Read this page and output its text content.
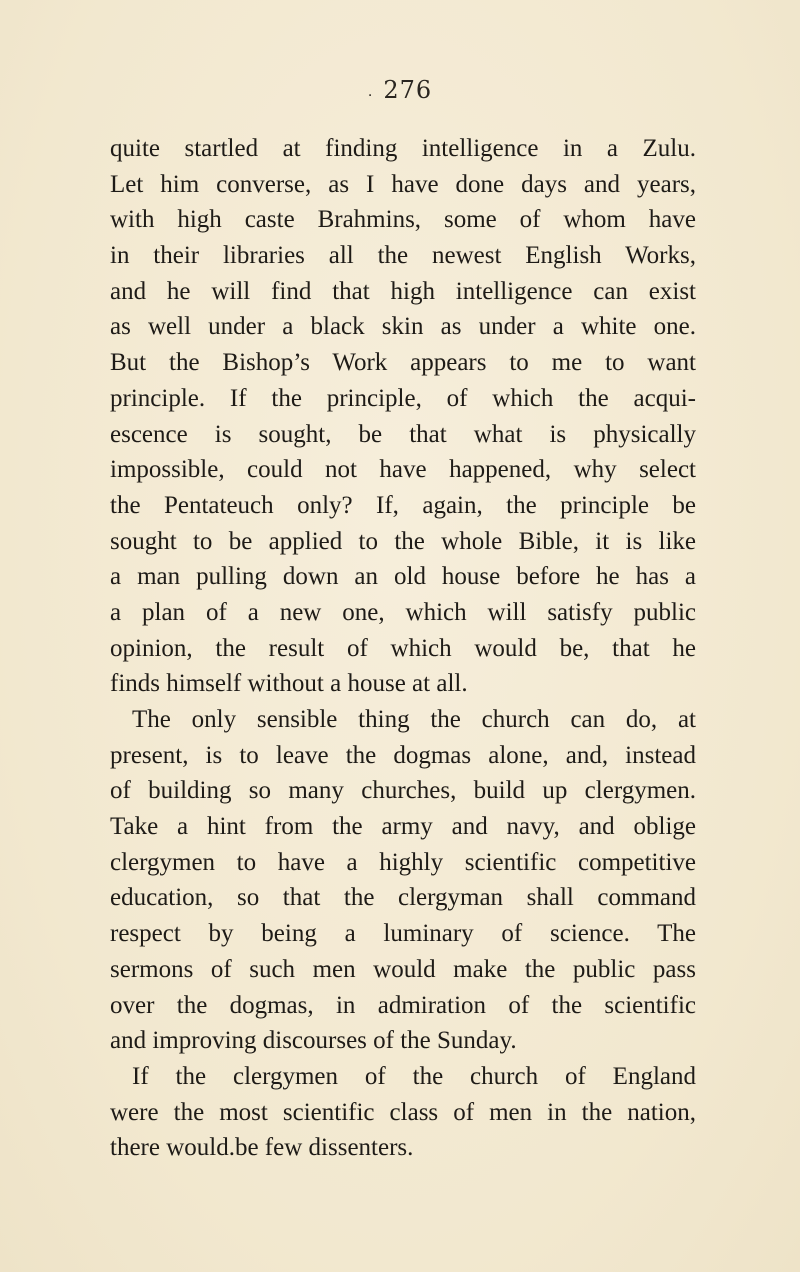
. 276
quite startled at finding intelligence in a Zulu.
Let him converse, as I have done days and years,
with high caste Brahmins, some of whom have
in their libraries all the newest English Works,
and he will find that high intelligence can exist
as well under a black skin as under a white one.
But the Bishop’s Work appears to me to want
principle. If the principle, of which the acqui-
escence is sought, be that what is physically
impossible, could not have happened, why select
the Pentateuch only? If, again, the principle be
sought to be applied to the whole Bible, it is like
a man pulling down an old house before he has a
a plan of a new one, which will satisfy public
opinion, the result of which would be, that he
finds himself without a house at all.
The only sensible thing the church can do, at
present, is to leave the dogmas alone, and, instead
of building so many churches, build up clergymen.
Take a hint from the army and navy, and oblige
clergymen to have a highly scientific competitive
education, so that the clergyman shall command
respect by being a luminary of science. The
sermons of such men would make the public pass
over the dogmas, in admiration of the scientific
and improving discourses of the Sunday.
If the clergymen of the church of England
were the most scientific class of men in the nation,
there would.be few dissenters.
